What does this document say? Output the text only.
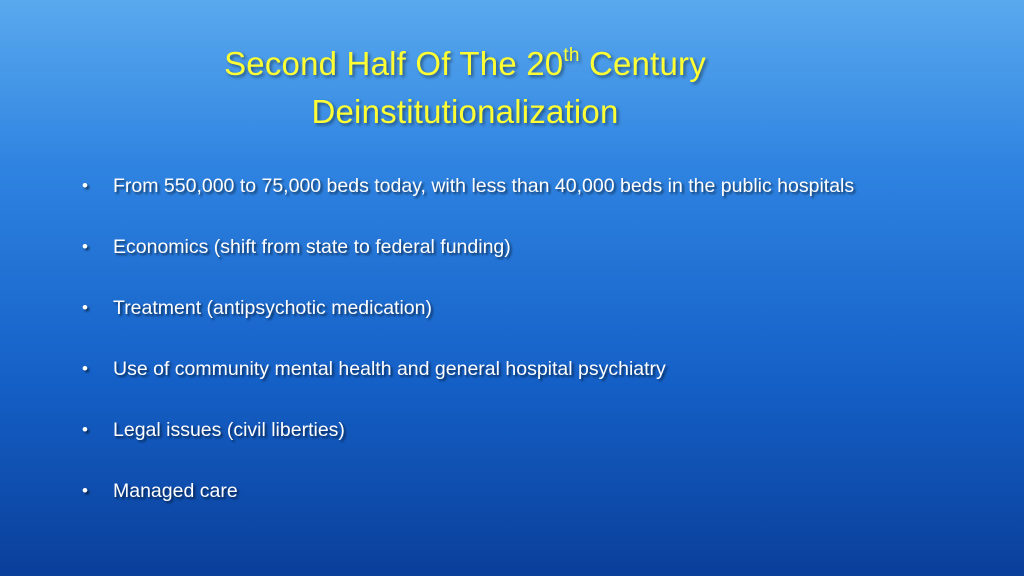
Second Half Of The 20th Century
Deinstitutionalization
•	From 550,000 to 75,000 beds today, with less than 40,000 beds in the public hospitals
•	Economics (shift from state to federal funding)
•	Treatment (antipsychotic medication)
•	Use of community mental health and general hospital psychiatry
•	Legal issues (civil liberties)
•	Managed care
